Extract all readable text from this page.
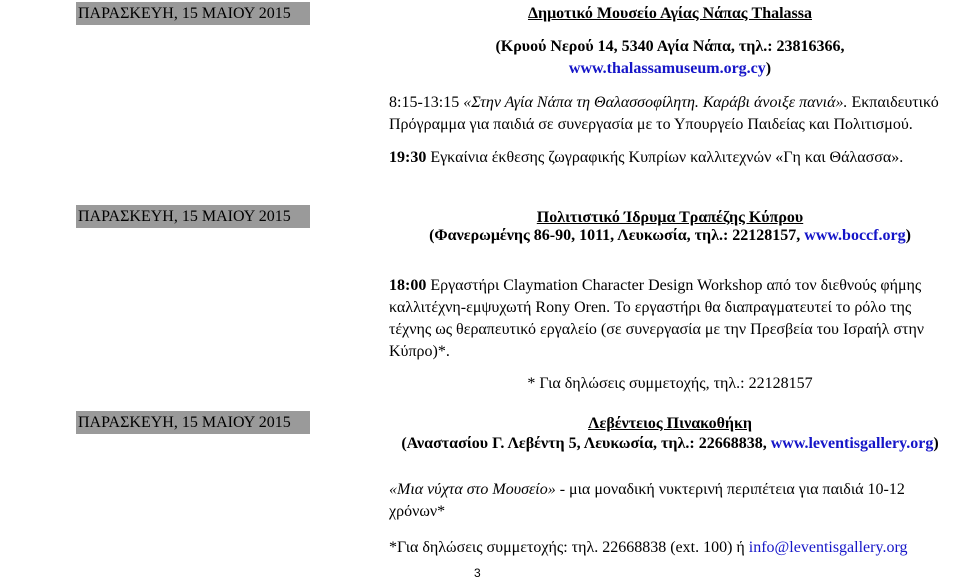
ΠΑΡΑΣΚΕΥΗ, 15 ΜΑΙΟΥ 2015	Δημοτικό Μουσείο Αγίας Νάπας Thalassa
(Κρυού Νερού 14, 5340 Αγία Νάπα, τηλ.: 23816366,
www.thalassamuseum.org.cy)
8:15-13:15 «Στην Αγία Νάπα τη Θαλασσοφίλητη. Καράβι άνοιξε πανιά». Εκπαιδευτικό
Πρόγραμμα για παιδιά σε συνεργασία με το Υπουργείο Παιδείας και Πολιτισμού.
19:30 Εγκαίνια έκθεσης ζωγραφικής Κυπρίων καλλιτεχνών «Γη και Θάλασσα».
ΠΑΡΑΣΚΕΥΗ, 15 ΜΑΙΟΥ 2015	Πολιτιστικό Ίδρυμα Τραπέζης Κύπρου
(Φανερωμένης 86-90, 1011, Λευκωσία, τηλ.: 22128157, www.boccf.org)
18:00 Εργαστήρι Claymation Character Design Workshop από τον διεθνούς φήμης
καλλιτέχνη-εμψυχωτή Rony Oren. Το εργαστήρι θα διαπραγματευτεί το ρόλο της
τέχνης ως θεραπευτικό εργαλείο (σε συνεργασία με την Πρεσβεία του Ισραήλ στην
Κύπρο)*.
* Για δηλώσεις συμμετοχής, τηλ.: 22128157
ΠΑΡΑΣΚΕΥΗ, 15 ΜΑΙΟΥ 2015	Λεβέντειος Πινακοθήκη
(Αναστασίου Γ. Λεβέντη 5, Λευκωσία, τηλ.: 22668838, www.leventisgallery.org)
«Μια νύχτα στο Μουσείο» - μια μοναδική νυκτερινή περιπέτεια για παιδιά 10-12
χρόνων*
*Για δηλώσεις συμμετοχής: τηλ. 22668838 (ext. 100) ή info@leventisgallery.org
3
